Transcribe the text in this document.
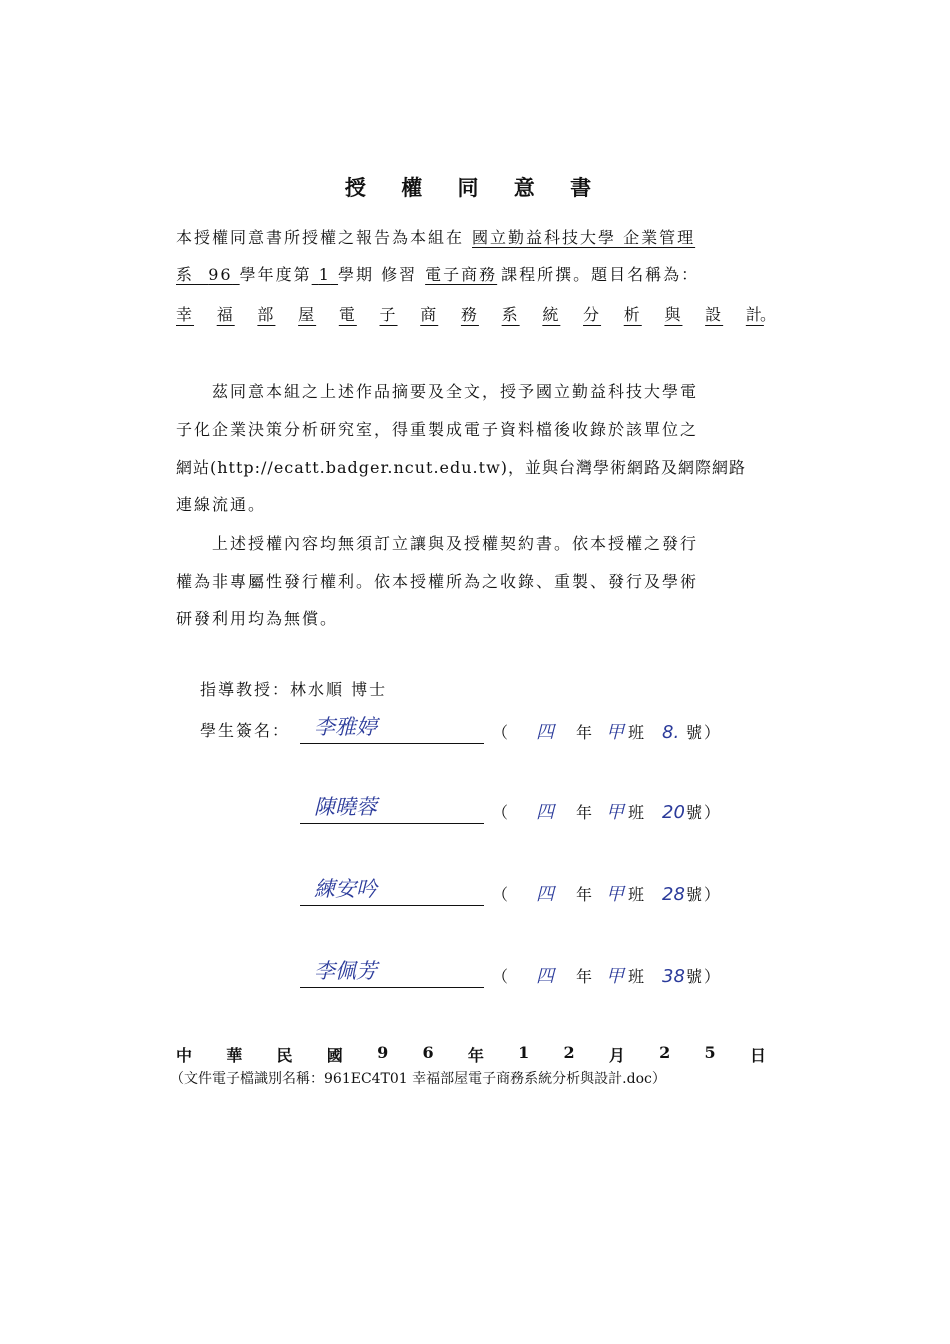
授 權 同 意 書
本授權同意書所授權之報告為本組在 國立勤益科技大學 企業管理
系 96 學年度第 1 學期 修習 電子商務 課程所撰。題目名稱為：
幸 福 部 屋 電 子 商 務 系 統 分 析 與 設 計
。
茲同意本組之上述作品摘要及全文，授予國立勤益科技大學電
子化企業決策分析研究室，得重製成電子資料檔後收錄於該單位之
網站(http://ecatt.badger.ncut.edu.tw)，並與台灣學術網路及網際網路
連線流通。
上述授權內容均無須訂立讓與及授權契約書。依本授權之發行
權為非專屬性發行權利。依本授權所為之收錄、重製、發行及學術
研發利用均為無償。
指導教授：林水順 博士
學生簽名： 李雅婷	（ 四 年 甲 班 8. 號 ）
陳曉蓉	（ 四 年 甲 班 20號 ）
練安吟	（ 四 年 甲 班 28號 ）
李佩芳	（ 四 年 甲 班 38號 ）
中 華 民 國 9 6 年 1 2 月 2 5 日
（文件電子檔識別名稱：961EC4T01 幸福部屋電子商務系統分析與設計.doc）
